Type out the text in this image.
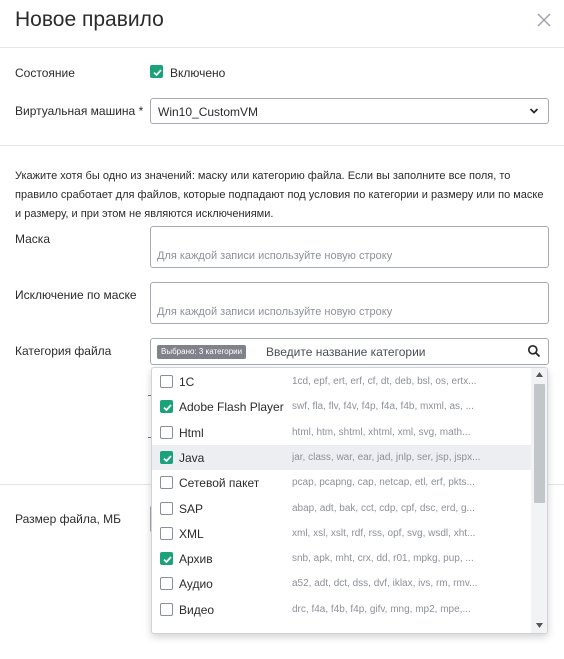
Новое правило
Состояние	Включено
Виртуальная машина * Win10_CustomVM
Укажите хотя бы одно из значений: маску или категорию файла. Если вы заполните все поля, то правило сработает для файлов, которые подпадают под условия по категории и размеру или по маске и размеру, и при этом не являются исключениями.
Маска
Для каждой записи используйте новую строку
Исключение по маске
Для каждой записи используйте новую строку
Категория файла	Выбрано: 3 категории	Введите название категории
Размер файла, МБ
1C	1cd, epf, ert, erf, cf, dt, deb, bsl, os, ertx...
Adobe Flash Player swf, fla, flv, f4v, f4p, f4a, f4b, mxml, as, ...
Html	html, htm, shtml, xhtml, xml, svg, math...
Java	jar, class, war, ear, jad, jnlp, ser, jsp, jspx...
Сетевой пакет	pcap, pcapng, cap, netcap, etl, erf, pkts...
SAP	abap, adt, bak, cct, cdp, cpf, dsc, erd, g...
XML	xml, xsl, xslt, rdf, rss, opf, svg, wsdl, xht...
Архив	snb, apk, mht, crx, dd, r01, mpkg, pup, ...
Аудио	a52, adt, dct, dss, dvf, iklax, ivs, rm, rmv...
Видео	drc, f4a, f4b, f4p, gifv, mng, mp2, mpe,...
